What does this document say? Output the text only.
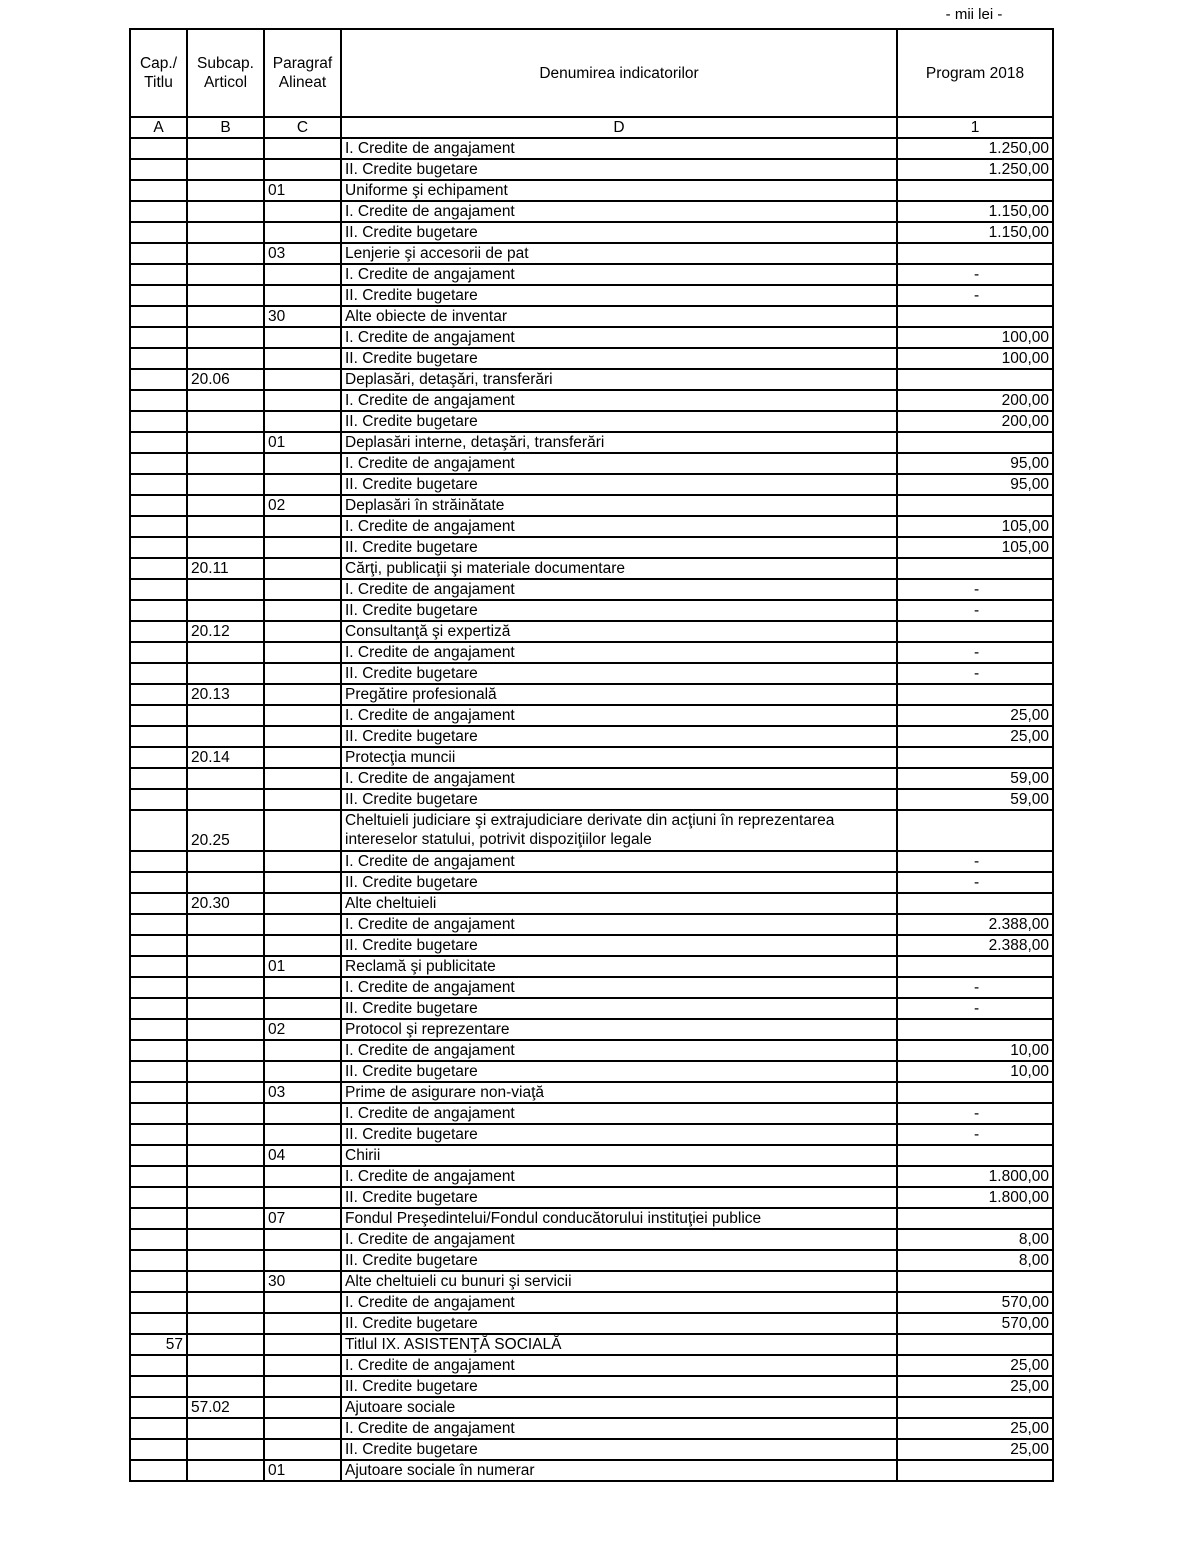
- mii lei -
Cap./ Titlu	Subcap. Articol	Paragraf Alineat	Denumirea indicatorilor	Program 2018
A	B	C	D	1
			I. Credite de angajament	1.250,00
			II. Credite bugetare	1.250,00
		01	Uniforme şi echipament	
			I. Credite de angajament	1.150,00
			II. Credite bugetare	1.150,00
		03	Lenjerie şi accesorii de pat	
			I. Credite de angajament	-
			II. Credite bugetare	-
		30	Alte obiecte de inventar	
			I. Credite de angajament	100,00
			II. Credite bugetare	100,00
	20.06		Deplasări, detaşări, transferări	
			I. Credite de angajament	200,00
			II. Credite bugetare	200,00
		01	Deplasări interne, detaşări, transferări	
			I. Credite de angajament	95,00
			II. Credite bugetare	95,00
		02	Deplasări în străinătate	
			I. Credite de angajament	105,00
			II. Credite bugetare	105,00
	20.11		Cărţi, publicaţii şi materiale documentare	
			I. Credite de angajament	-
			II. Credite bugetare	-
	20.12		Consultanţă şi expertiză	
			I. Credite de angajament	-
			II. Credite bugetare	-
	20.13		Pregătire profesională	
			I. Credite de angajament	25,00
			II. Credite bugetare	25,00
	20.14		Protecţia muncii	
			I. Credite de angajament	59,00
			II. Credite bugetare	59,00
	20.25		Cheltuieli judiciare şi extrajudiciare derivate din acţiuni în reprezentarea intereselor statului, potrivit dispoziţiilor legale	
			I. Credite de angajament	-
			II. Credite bugetare	-
	20.30		Alte cheltuieli	
			I. Credite de angajament	2.388,00
			II. Credite bugetare	2.388,00
		01	Reclamă şi publicitate	
			I. Credite de angajament	-
			II. Credite bugetare	-
		02	Protocol şi reprezentare	
			I. Credite de angajament	10,00
			II. Credite bugetare	10,00
		03	Prime de asigurare non-viaţă	
			I. Credite de angajament	-
			II. Credite bugetare	-
		04	Chirii	
			I. Credite de angajament	1.800,00
			II. Credite bugetare	1.800,00
		07	Fondul Preşedintelui/Fondul conducătorului instituţiei publice	
			I. Credite de angajament	8,00
			II. Credite bugetare	8,00
		30	Alte cheltuieli cu bunuri şi servicii	
			I. Credite de angajament	570,00
			II. Credite bugetare	570,00
57			Titlul IX. ASISTENŢĂ SOCIALĂ	
			I. Credite de angajament	25,00
			II. Credite bugetare	25,00
	57.02		Ajutoare sociale	
			I. Credite de angajament	25,00
			II. Credite bugetare	25,00
		01	Ajutoare sociale în numerar	
